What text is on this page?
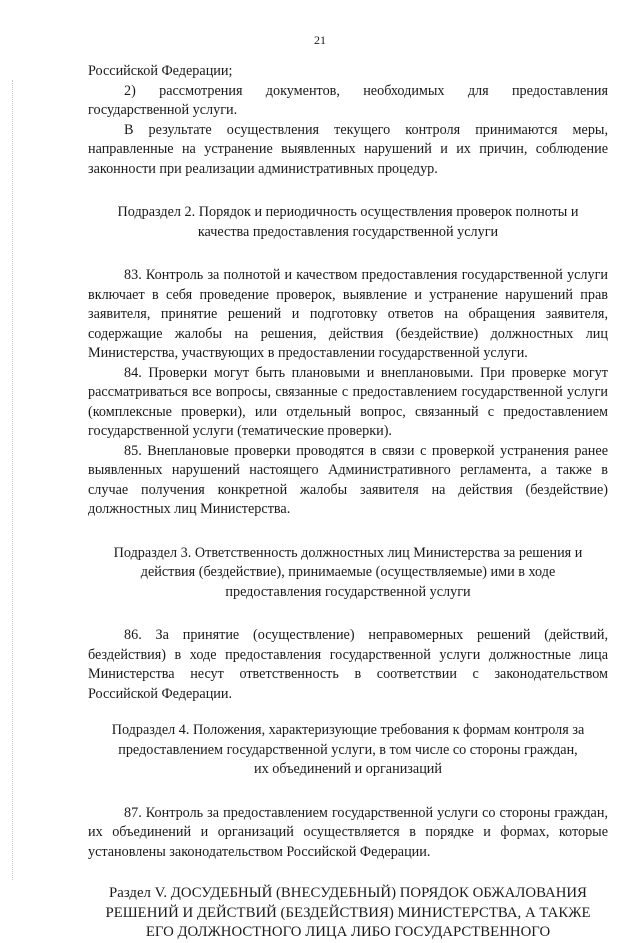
21

Российской Федерации;

2) рассмотрения документов, необходимых для предоставления государственной услуги.

В результате осуществления текущего контроля принимаются меры, направленные на устранение выявленных нарушений и их причин, соблюдение законности при реализации административных процедур.

Подраздел 2. Порядок и периодичность осуществления проверок полноты и
качества предоставления государственной услуги

83. Контроль за полнотой и качеством предоставления государственной услуги включает в себя проведение проверок, выявление и устранение нарушений прав заявителя, принятие решений и подготовку ответов на обращения заявителя, содержащие жалобы на решения, действия (бездействие) должностных лиц Министерства, участвующих в предоставлении государственной услуги.

84. Проверки могут быть плановыми и внеплановыми. При проверке могут рассматриваться все вопросы, связанные с предоставлением государственной услуги (комплексные проверки), или отдельный вопрос, связанный с предоставлением государственной услуги (тематические проверки).

85. Внеплановые проверки проводятся в связи с проверкой устранения ранее выявленных нарушений настоящего Административного регламента, а также в случае получения конкретной жалобы заявителя на действия (бездействие) должностных лиц Министерства.

Подраздел 3. Ответственность должностных лиц Министерства за решения и
действия (бездействие), принимаемые (осуществляемые) ими в ходе
предоставления государственной услуги

86. За принятие (осуществление) неправомерных решений (действий, бездействия) в ходе предоставления государственной услуги должностные лица Министерства несут ответственность в соответствии с законодательством Российской Федерации.

Подраздел 4. Положения, характеризующие требования к формам контроля за
предоставлением государственной услуги, в том числе со стороны граждан,
их объединений и организаций

87. Контроль за предоставлением государственной услуги со стороны граждан, их объединений и организаций осуществляется в порядке и формах, которые установлены законодательством Российской Федерации.

Раздел V. ДОСУДЕБНЫЙ (ВНЕСУДЕБНЫЙ) ПОРЯДОК ОБЖАЛОВАНИЯ
РЕШЕНИЙ И ДЕЙСТВИЙ (БЕЗДЕЙСТВИЯ) МИНИСТЕРСТВА, А ТАКЖЕ
ЕГО ДОЛЖНОСТНОГО ЛИЦА ЛИБО ГОСУДАРСТВЕННОГО
